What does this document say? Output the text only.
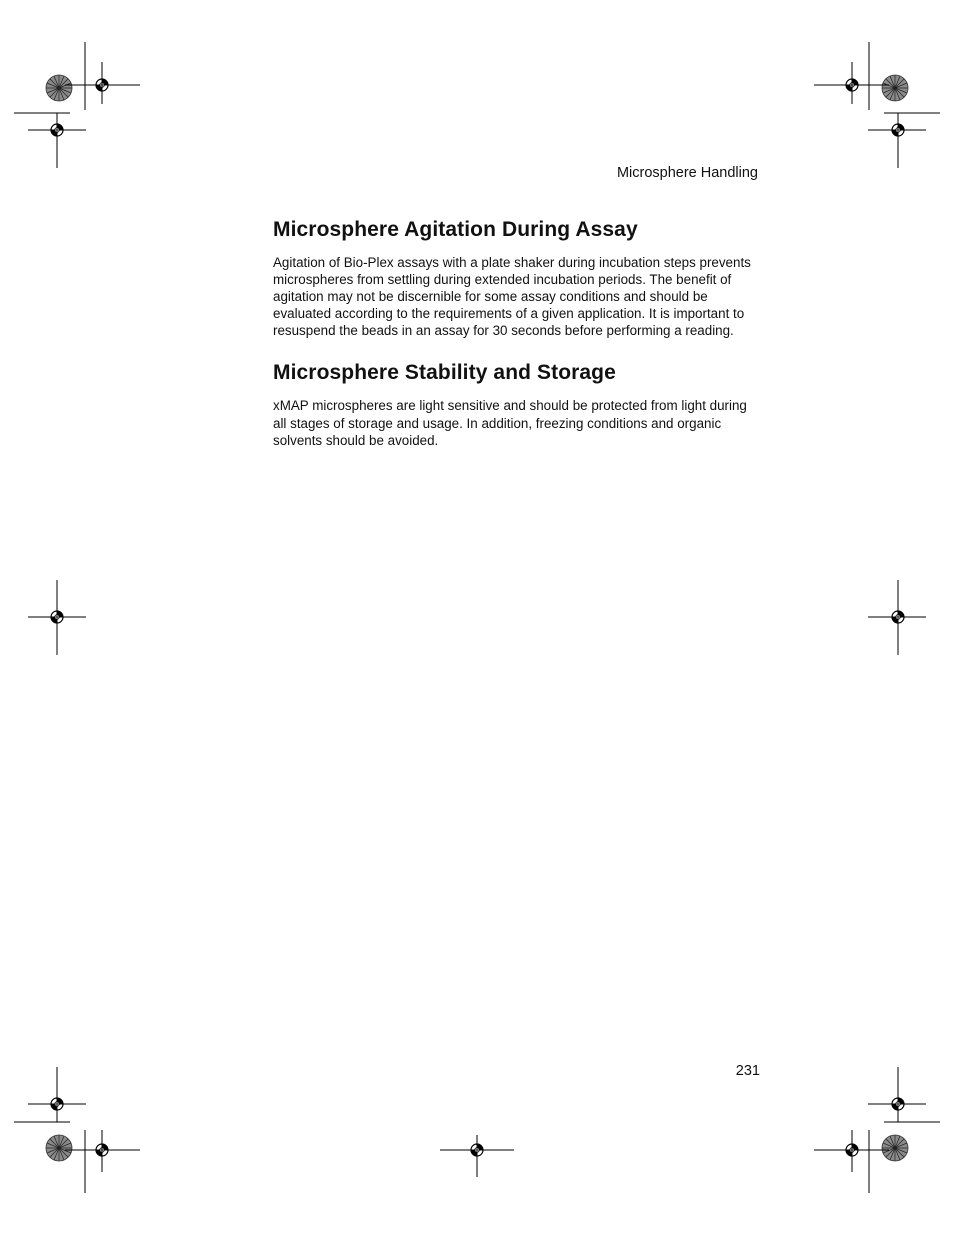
Microsphere Handling
Microsphere Agitation During Assay

Agitation of Bio-Plex assays with a plate shaker during incubation steps prevents microspheres from settling during extended incubation periods. The benefit of agitation may not be discernible for some assay conditions and should be evaluated according to the requirements of a given application. It is important to resuspend the beads in an assay for 30 seconds before performing a reading.

Microsphere Stability and Storage

xMAP microspheres are light sensitive and should be protected from light during all stages of storage and usage. In addition, freezing conditions and organic solvents should be avoided.

231
